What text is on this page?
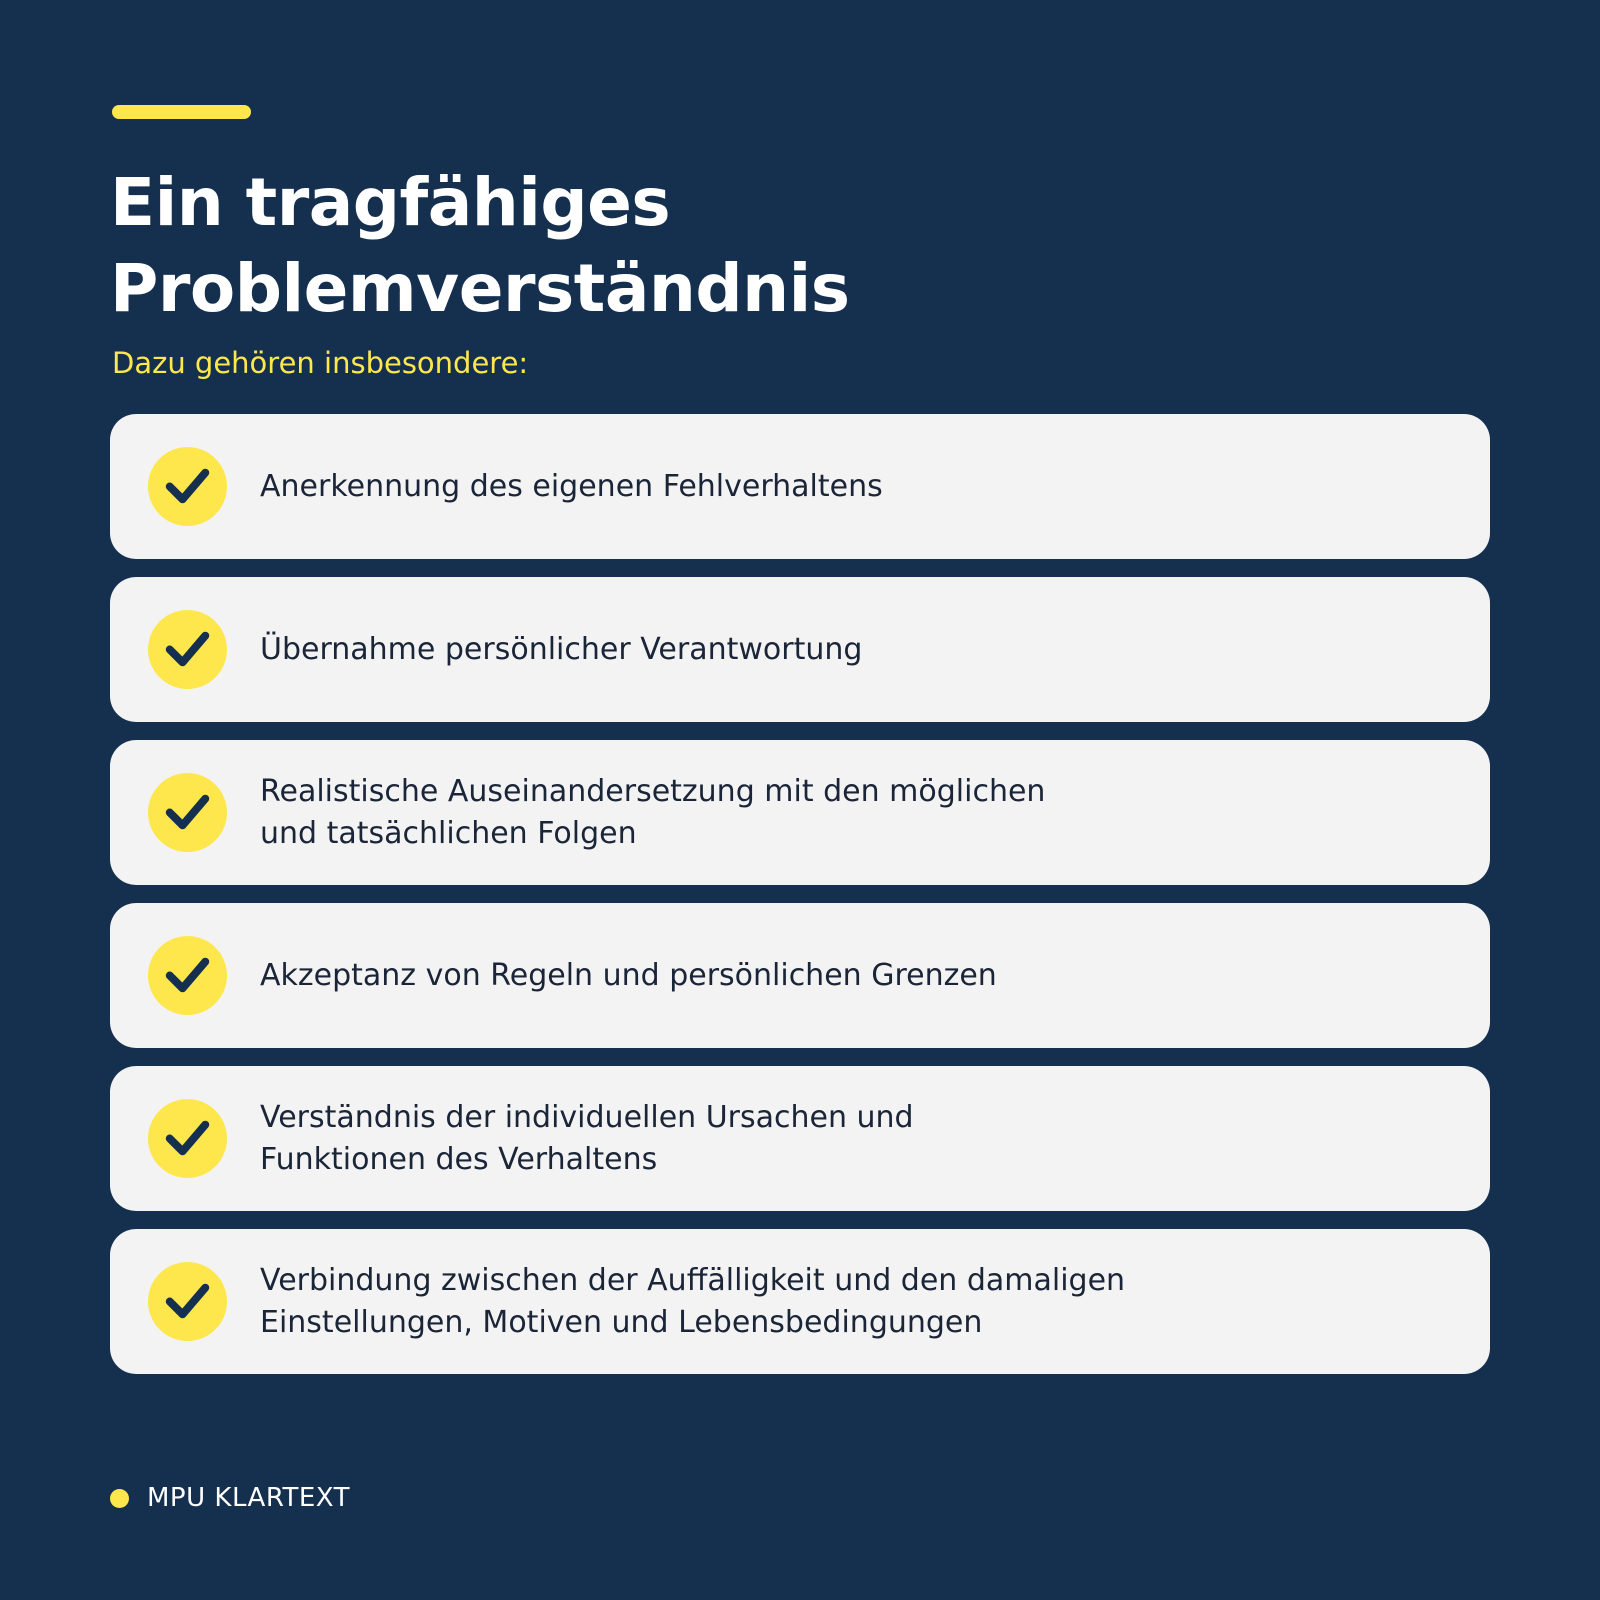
Ein tragfähiges
Problemverständnis

Dazu gehören insbesondere:

Anerkennung des eigenen Fehlverhaltens

Übernahme persönlicher Verantwortung

Realistische Auseinandersetzung mit den möglichen
und tatsächlichen Folgen

Akzeptanz von Regeln und persönlichen Grenzen

Verständnis der individuellen Ursachen und
Funktionen des Verhaltens

Verbindung zwischen der Auffälligkeit und den damaligen
Einstellungen, Motiven und Lebensbedingungen

MPU KLARTEXT
